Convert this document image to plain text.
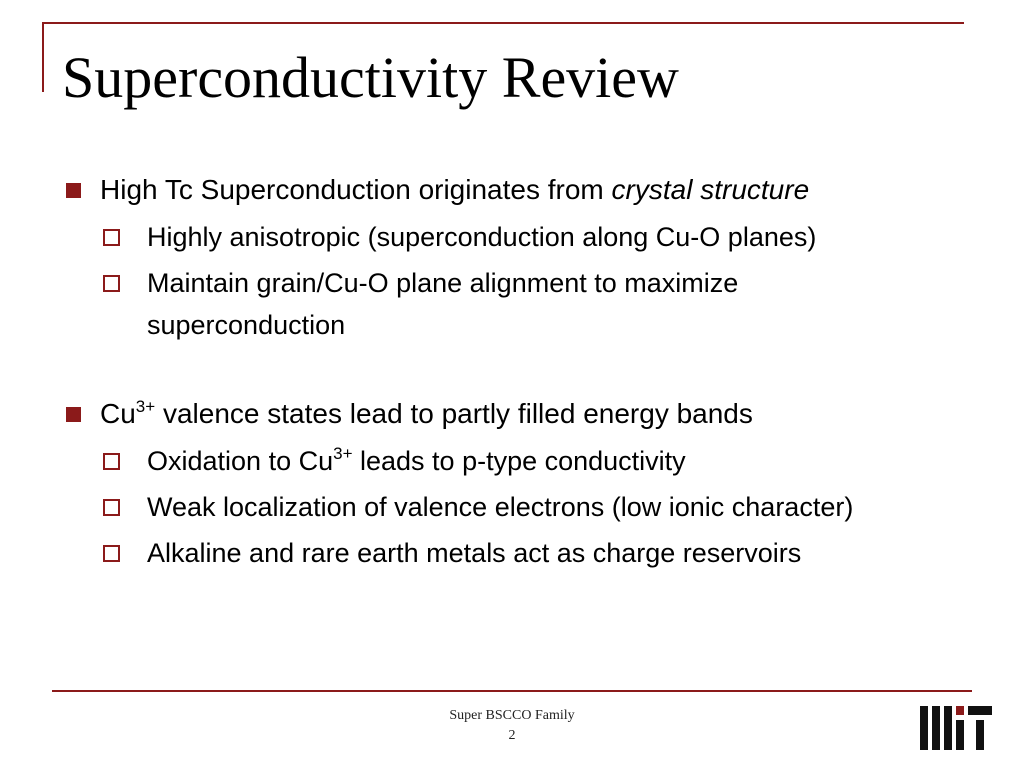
Superconductivity Review
High Tc Superconduction originates from crystal structure
Highly anisotropic (superconduction along Cu-O planes)
Maintain grain/Cu-O plane alignment to maximize superconduction
$Cu^{3+}$ valence states lead to partly filled energy bands
Oxidation to $Cu^{3+}$ leads to p-type conductivity
Weak localization of valence electrons (low ionic character)
Alkaline and rare earth metals act as charge reservoirs
Super BSCCO Family
2
